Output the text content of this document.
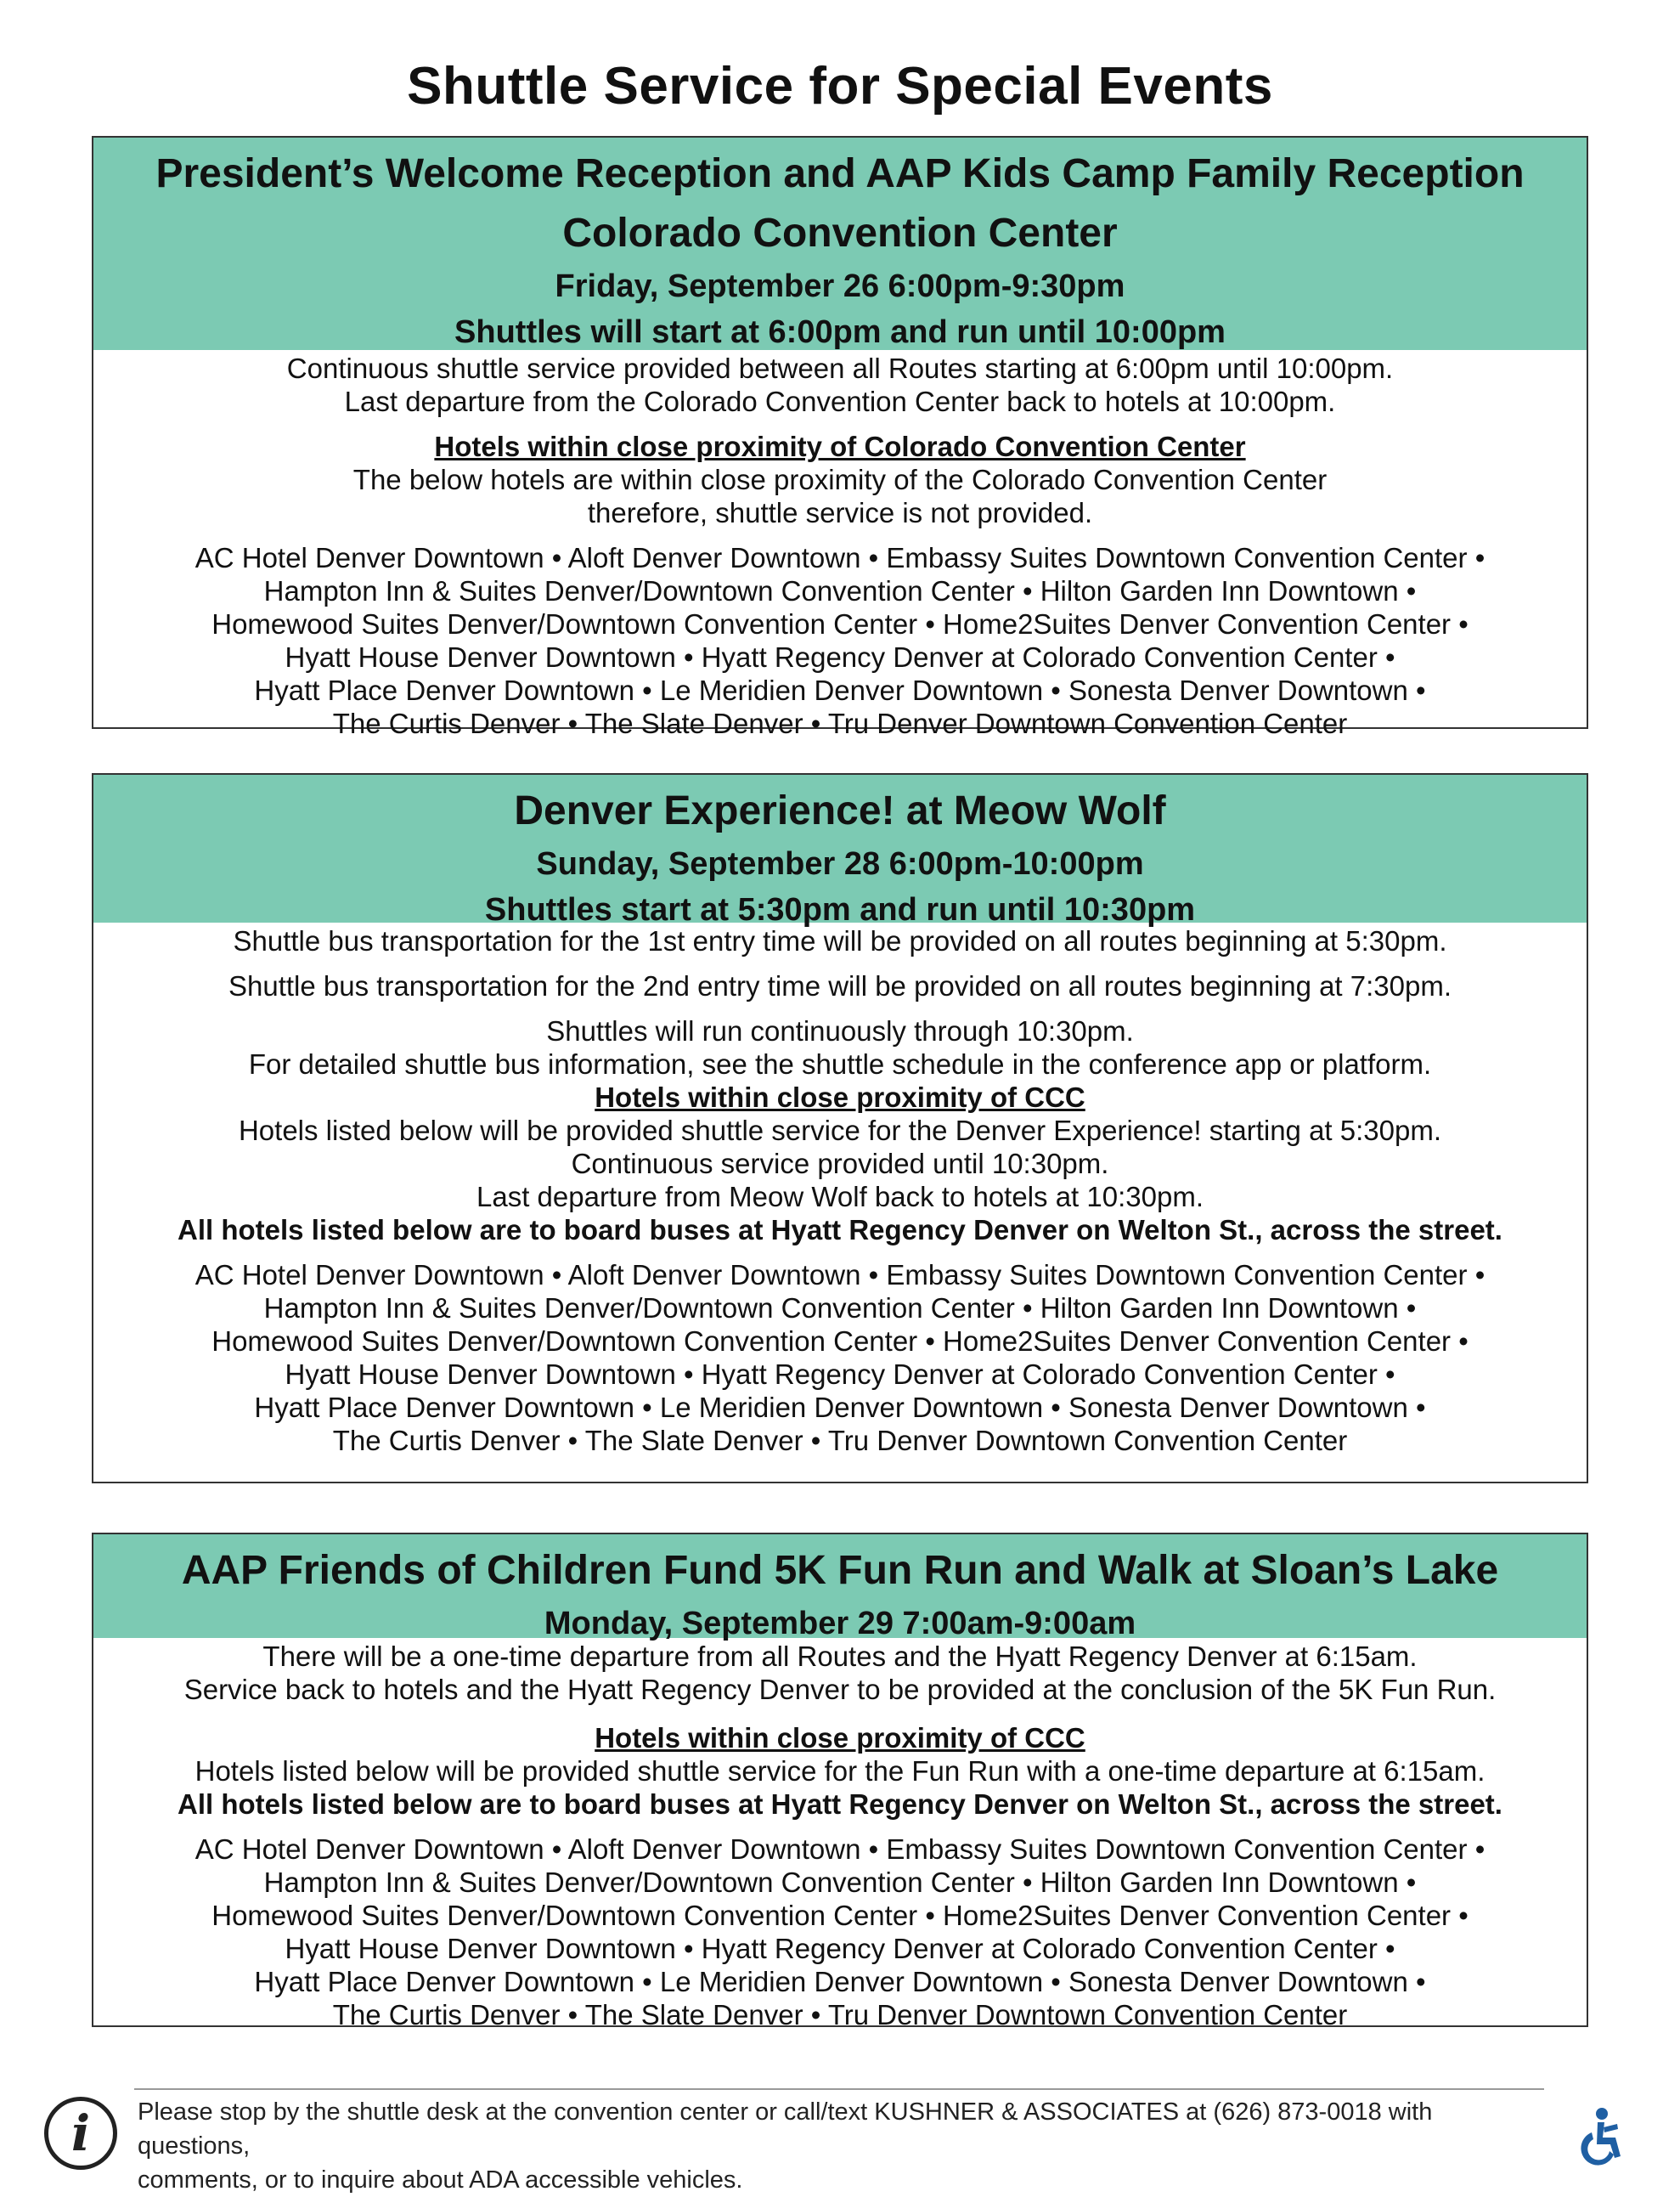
Shuttle Service for Special Events
President’s Welcome Reception and AAP Kids Camp Family Reception
Colorado Convention Center
Friday, September 26 6:00pm-9:30pm
Shuttles will start at 6:00pm and run until 10:00pm
Continuous shuttle service provided between all Routes starting at 6:00pm until 10:00pm.
Last departure from the Colorado Convention Center back to hotels at 10:00pm.
Hotels within close proximity of Colorado Convention Center
The below hotels are within close proximity of the Colorado Convention Center
therefore, shuttle service is not provided.
AC Hotel Denver Downtown • Aloft Denver Downtown • Embassy Suites Downtown Convention Center •
Hampton Inn & Suites Denver/Downtown Convention Center • Hilton Garden Inn Downtown •
Homewood Suites Denver/Downtown Convention Center • Home2Suites Denver Convention Center •
Hyatt House Denver Downtown • Hyatt Regency Denver at Colorado Convention Center •
Hyatt Place Denver Downtown • Le Meridien Denver Downtown • Sonesta Denver Downtown •
The Curtis Denver • The Slate Denver • Tru Denver Downtown Convention Center
Denver Experience! at Meow Wolf
Sunday, September 28 6:00pm-10:00pm
Shuttles start at 5:30pm and run until 10:30pm
Shuttle bus transportation for the 1st entry time will be provided on all routes beginning at 5:30pm.
Shuttle bus transportation for the 2nd entry time will be provided on all routes beginning at 7:30pm.
Shuttles will run continuously through 10:30pm.
For detailed shuttle bus information, see the shuttle schedule in the conference app or platform.
Hotels within close proximity of CCC
Hotels listed below will be provided shuttle service for the Denver Experience! starting at 5:30pm.
Continuous service provided until 10:30pm.
Last departure from Meow Wolf back to hotels at 10:30pm.
All hotels listed below are to board buses at Hyatt Regency Denver on Welton St., across the street.
AC Hotel Denver Downtown • Aloft Denver Downtown • Embassy Suites Downtown Convention Center •
Hampton Inn & Suites Denver/Downtown Convention Center • Hilton Garden Inn Downtown •
Homewood Suites Denver/Downtown Convention Center • Home2Suites Denver Convention Center •
Hyatt House Denver Downtown • Hyatt Regency Denver at Colorado Convention Center •
Hyatt Place Denver Downtown • Le Meridien Denver Downtown • Sonesta Denver Downtown •
The Curtis Denver • The Slate Denver • Tru Denver Downtown Convention Center
AAP Friends of Children Fund 5K Fun Run and Walk at Sloan’s Lake
Monday, September 29 7:00am-9:00am
There will be a one-time departure from all Routes and the Hyatt Regency Denver at 6:15am.
Service back to hotels and the Hyatt Regency Denver to be provided at the conclusion of the 5K Fun Run.
Hotels within close proximity of CCC
Hotels listed below will be provided shuttle service for the Fun Run with a one-time departure at 6:15am.
All hotels listed below are to board buses at Hyatt Regency Denver on Welton St., across the street.
AC Hotel Denver Downtown • Aloft Denver Downtown • Embassy Suites Downtown Convention Center •
Hampton Inn & Suites Denver/Downtown Convention Center • Hilton Garden Inn Downtown •
Homewood Suites Denver/Downtown Convention Center • Home2Suites Denver Convention Center •
Hyatt House Denver Downtown • Hyatt Regency Denver at Colorado Convention Center •
Hyatt Place Denver Downtown • Le Meridien Denver Downtown • Sonesta Denver Downtown •
The Curtis Denver • The Slate Denver • Tru Denver Downtown Convention Center
i	Please stop by the shuttle desk at the convention center or call/text KUSHNER & ASSOCIATES at (626) 873-0018 with questions,
comments, or to inquire about ADA accessible vehicles.
